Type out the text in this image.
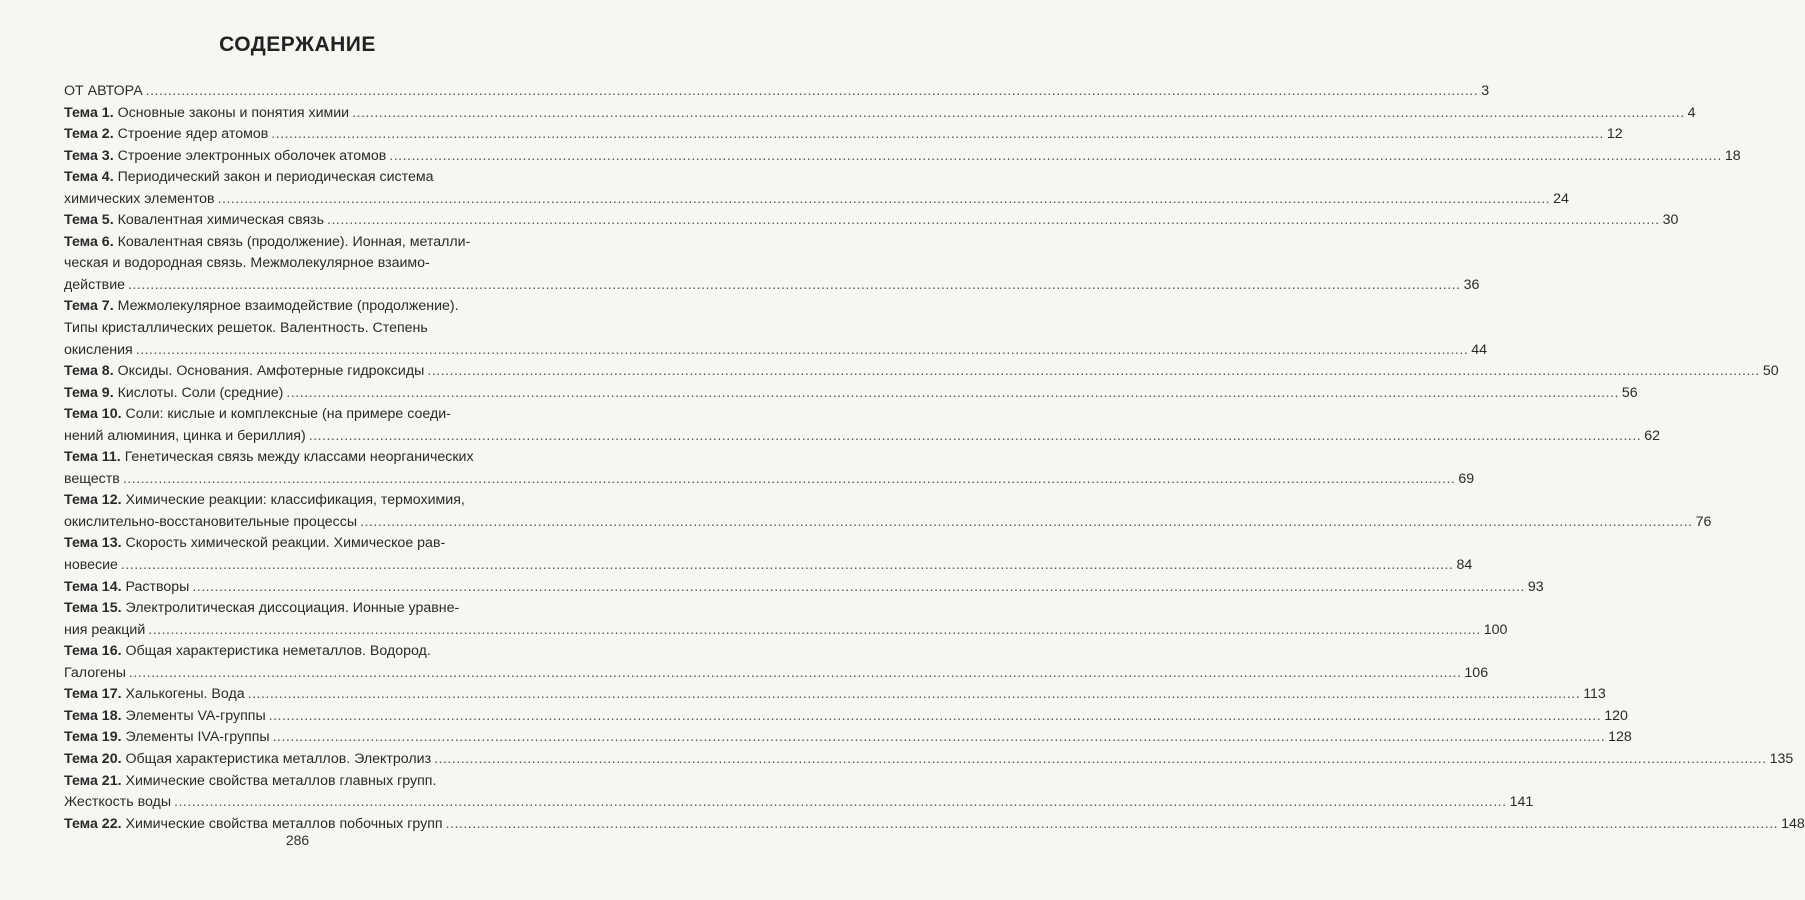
СОДЕРЖАНИЕ
ОТ АВТОРА ............................................................................................................................................................................................................................................................................................................ 3
Тема 1. Основные законы и понятия химии ............................................................................................................................................................................................................................................................................................................ 4
Тема 2. Строение ядер атомов ............................................................................................................................................................................................................................................................................................................ 12
Тема 3. Строение электронных оболочек атомов ............................................................................................................................................................................................................................................................................................................ 18
Тема 4. Периодический закон и периодическая система
химических элементов ............................................................................................................................................................................................................................................................................................................ 24
Тема 5. Ковалентная химическая связь ............................................................................................................................................................................................................................................................................................................ 30
Тема 6. Ковалентная связь (продолжение). Ионная, металли-
ческая и водородная связь. Межмолекулярное взаимо-
действие ............................................................................................................................................................................................................................................................................................................ 36
Тема 7. Межмолекулярное взаимодействие (продолжение).
Типы кристаллических решеток. Валентность. Степень
окисления ............................................................................................................................................................................................................................................................................................................ 44
Тема 8. Оксиды. Основания. Амфотерные гидроксиды ............................................................................................................................................................................................................................................................................................................ 50
Тема 9. Кислоты. Соли (средние) ............................................................................................................................................................................................................................................................................................................ 56
Тема 10. Соли: кислые и комплексные (на примере соеди-
нений алюминия, цинка и бериллия) ............................................................................................................................................................................................................................................................................................................ 62
Тема 11. Генетическая связь между классами неорганических
веществ ............................................................................................................................................................................................................................................................................................................ 69
Тема 12. Химические реакции: классификация, термохимия,
окислительно-восстановительные процессы ............................................................................................................................................................................................................................................................................................................ 76
Тема 13. Скорость химической реакции. Химическое рав-
новесие ............................................................................................................................................................................................................................................................................................................ 84
Тема 14. Растворы ............................................................................................................................................................................................................................................................................................................ 93
Тема 15. Электролитическая диссоциация. Ионные уравне-
ния реакций ............................................................................................................................................................................................................................................................................................................ 100
Тема 16. Общая характеристика неметаллов. Водород.
Галогены ............................................................................................................................................................................................................................................................................................................ 106
Тема 17. Халькогены. Вода ............................................................................................................................................................................................................................................................................................................ 113
Тема 18. Элементы VA-группы ............................................................................................................................................................................................................................................................................................................ 120
Тема 19. Элементы IVA-группы ............................................................................................................................................................................................................................................................................................................ 128
Тема 20. Общая характеристика металлов. Электролиз ............................................................................................................................................................................................................................................................................................................ 135
Тема 21. Химические свойства металлов главных групп.
Жесткость воды ............................................................................................................................................................................................................................................................................................................ 141
Тема 22. Химические свойства металлов побочных групп ............................................................................................................................................................................................................................................................................................................ 148
286
